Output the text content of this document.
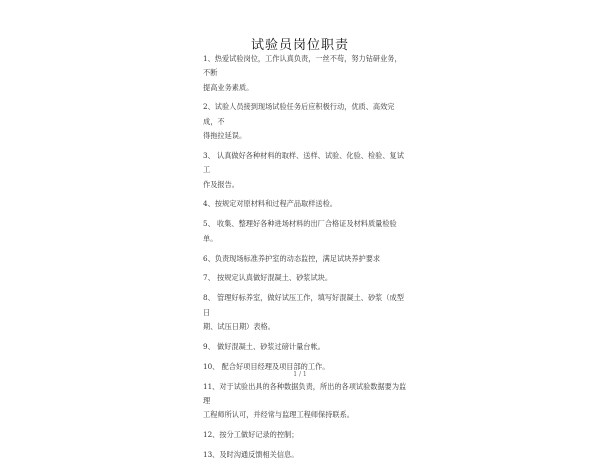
试验员岗位职责
1、热爱试验岗位，工作认真负责，一丝不苟，努力钻研业务，不断
提高业务素质。
2、试验人员接到现场试验任务后应积极行动，优质、高效完成，不
得拖拉延误。
3、 认真做好各种材料的取样、送样、试验、化验、检验、复试工
作及报告。
4、按规定对原材料和过程产品取样送检。
5、 收集、整理好各种进场材料的出厂合格证及材料质量检验单。
6、负责现场标准养护室的动态监控，满足试块养护要求
7、 按规定认真做好混凝土、砂浆试块。
8、 管理好标养室，做好试压工作，填写好混凝土、砂浆（成型日
期、试压日期）表格。
9、 做好混凝土、砂浆过磅计量台帐。
10、 配合好项目经理及项目部的工作。
11、对于试验出具的各种数据负责，所出的各项试验数据要为监理
工程师所认可，并经常与监理工程师保持联系。
12、按分工做好记录的控制；
13、及时沟通反馈相关信息。
1 / 1
